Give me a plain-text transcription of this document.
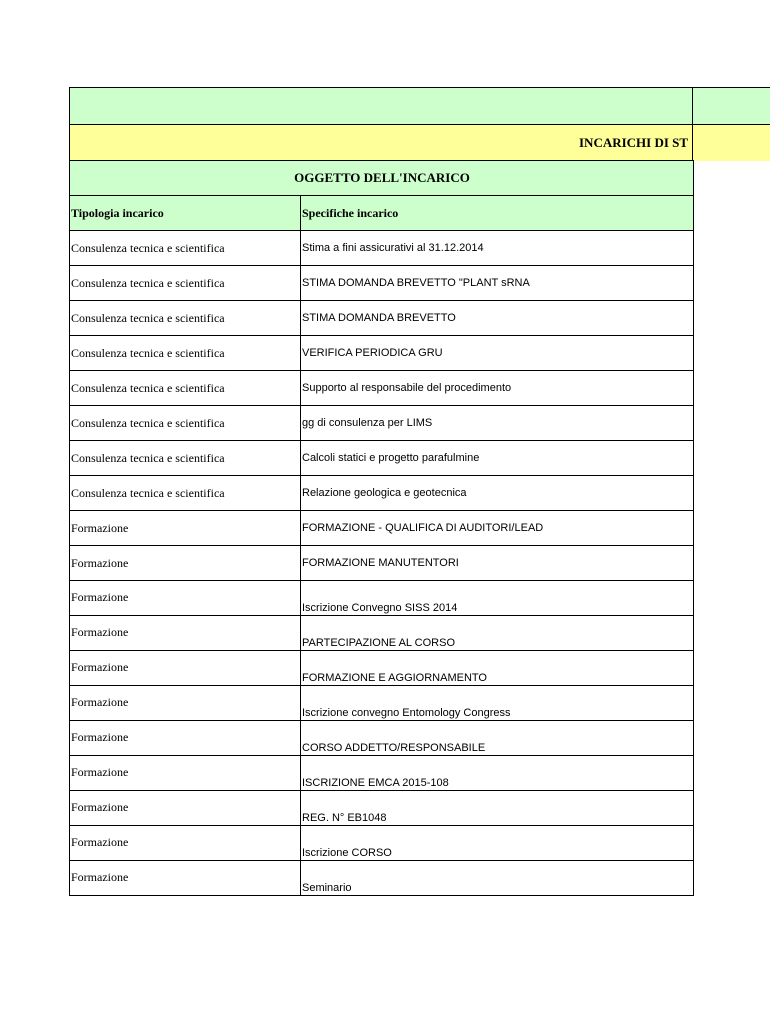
INCARICHI DI ST
OGGETTO DELL'INCARICO	
Tipologia incarico	Specifiche incarico
Consulenza tecnica e scientifica	Stima a fini assicurativi al 31.12.2014
Consulenza tecnica e scientifica	STIMA DOMANDA BREVETTO "PLANT sRNA
Consulenza tecnica e scientifica	STIMA DOMANDA BREVETTO
Consulenza tecnica e scientifica	VERIFICA PERIODICA GRU
Consulenza tecnica e scientifica	Supporto al responsabile del procedimento
Consulenza tecnica e scientifica	gg di consulenza per LIMS
Consulenza tecnica e scientifica	Calcoli statici e progetto parafulmine
Consulenza tecnica e scientifica	Relazione geologica e geotecnica
Formazione	FORMAZIONE - QUALIFICA DI AUDITORI/LEAD
Formazione	FORMAZIONE MANUTENTORI
Formazione	Iscrizione Convegno SISS 2014
Formazione	PARTECIPAZIONE AL CORSO
Formazione	FORMAZIONE E AGGIORNAMENTO
Formazione	Iscrizione convegno Entomology Congress
Formazione	CORSO ADDETTO/RESPONSABILE
Formazione	ISCRIZIONE EMCA 2015-108
Formazione	REG. N° EB1048
Formazione	Iscrizione CORSO
Formazione	Seminario
